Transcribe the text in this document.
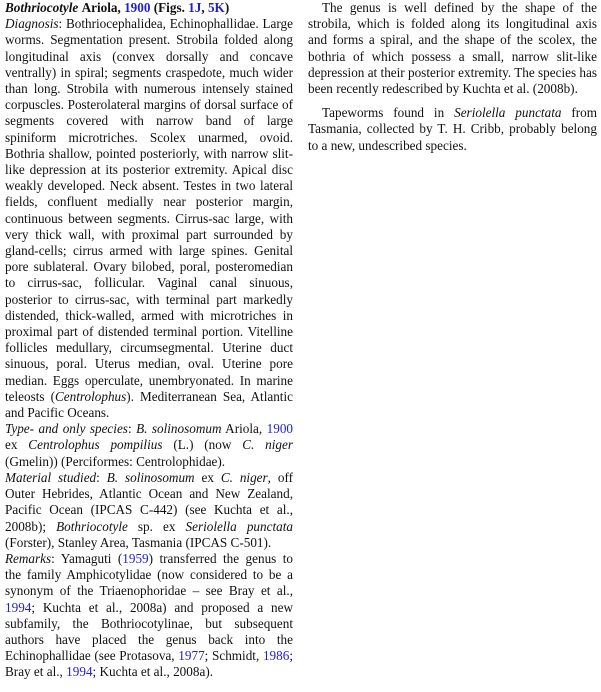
Bothriocotyle Ariola, 1900 (Figs. 1J, 5K)

Diagnosis: Bothriocephalidea, Echinophallidae. Large worms. Segmentation present. Strobila folded along longitudinal axis (convex dorsally and concave ventrally) in spiral; segments craspedote, much wider than long. Strobila with numerous intensely stained corpuscles. Posterolateral margins of dorsal surface of segments covered with narrow band of large spiniform microtriches. Scolex unarmed, ovoid. Bothria shallow, pointed posteriorly, with narrow slit-like depression at its posterior extremity. Apical disc weakly developed. Neck absent. Testes in two lateral fields, confluent medially near posterior margin, continuous between segments. Cirrus-sac large, with very thick wall, with proximal part surrounded by gland-cells; cirrus armed with large spines. Genital pore sublateral. Ovary bilobed, poral, posteromedian to cirrus-sac, follicular. Vaginal canal sinuous, posterior to cirrus-sac, with terminal part markedly distended, thick-walled, armed with microtriches in proximal part of distended terminal portion. Vitelline follicles medullary, circumsegmental. Uterine duct sinuous, poral. Uterus median, oval. Uterine pore median. Eggs operculate, unembryonated. In marine teleosts (Centrolophus). Mediterranean Sea, Atlantic and Pacific Oceans.

Type- and only species: B. solinosomum Ariola, 1900 ex Centrolophus pompilius (L.) (now C. niger (Gmelin)) (Perciformes: Centrolophidae).

Material studied: B. solinosomum ex C. niger, off Outer Hebrides, Atlantic Ocean and New Zealand, Pacific Ocean (IPCAS C-442) (see Kuchta et al., 2008b); Bothriocotyle sp. ex Seriolella punctata (Forster), Stanley Area, Tasmania (IPCAS C-501).

Remarks: Yamaguti (1959) transferred the genus to the family Amphicotylidae (now considered to be a synonym of the Triaenophoridae – see Bray et al., 1994; Kuchta et al., 2008a) and proposed a new subfamily, the Bothriocotylinae, but subsequent authors have placed the genus back into the Echinophallidae (see Protasova, 1977; Schmidt, 1986; Bray et al., 1994; Kuchta et al., 2008a).

The genus is well defined by the shape of the strobila, which is folded along its longitudinal axis and forms a spiral, and the shape of the scolex, the bothria of which possess a small, narrow slit-like depression at their posterior extremity. The species has been recently redescribed by Kuchta et al. (2008b).

Tapeworms found in Seriolella punctata from Tasmania, collected by T. H. Cribb, probably belong to a new, undescribed species.
